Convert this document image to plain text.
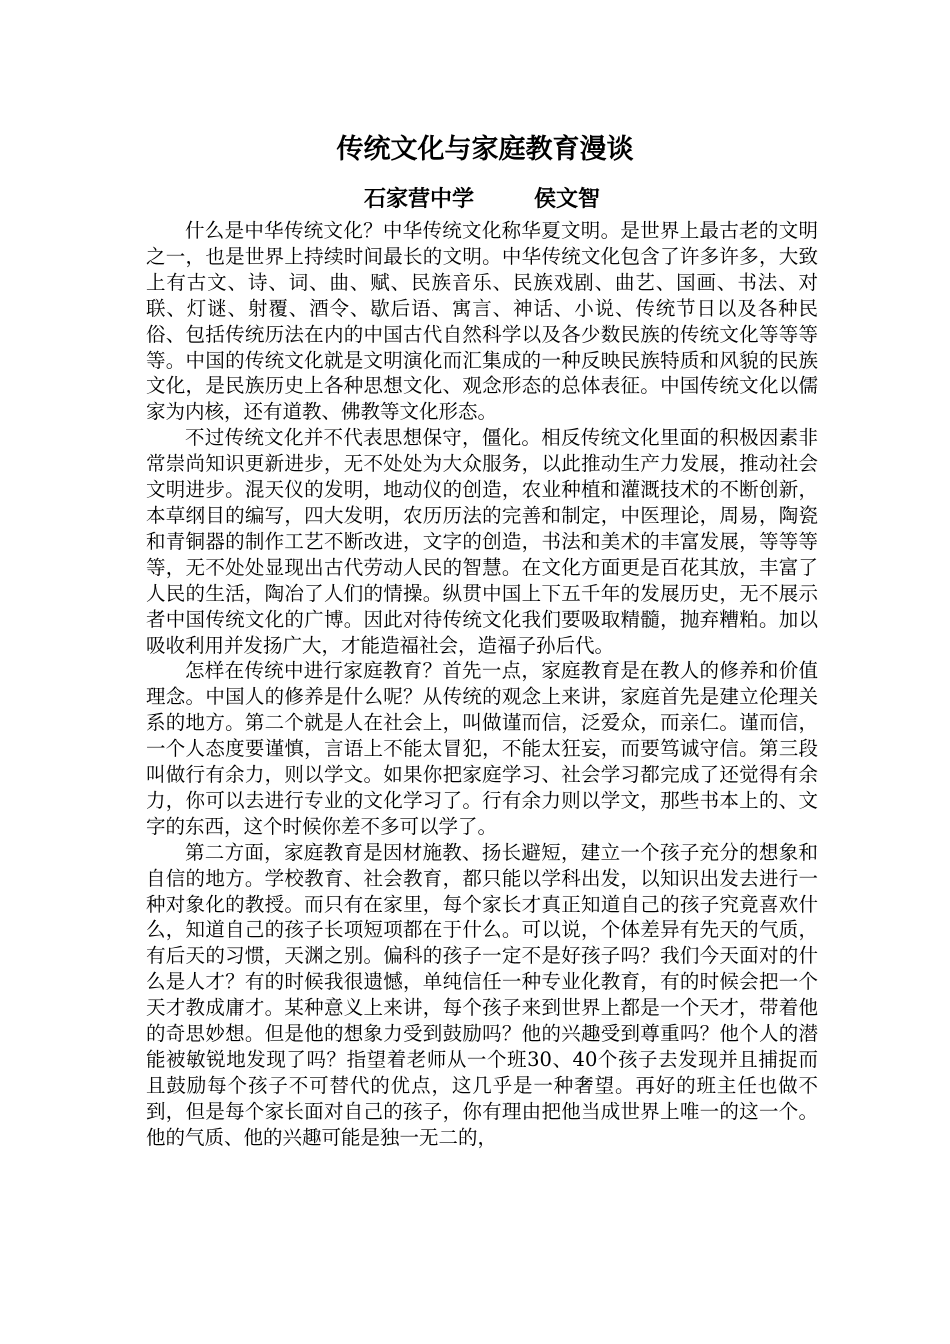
传统文化与家庭教育漫谈
石家营中学	侯文智

什么是中华传统文化？中华传统文化称华夏文明。是世界上最古老的文明之一，也是世界上持续时间最长的文明。中华传统文化包含了许多许多，大致上有古文、诗、词、曲、赋、民族音乐、民族戏剧、曲艺、国画、书法、对联、灯谜、射覆、酒令、歇后语、寓言、神话、小说、传统节日以及各种民俗、包括传统历法在内的中国古代自然科学以及各少数民族的传统文化等等等等。中国的传统文化就是文明演化而汇集成的一种反映民族特质和风貌的民族文化，是民族历史上各种思想文化、观念形态的总体表征。中国传统文化以儒家为内核，还有道教、佛教等文化形态。

不过传统文化并不代表思想保守，僵化。相反传统文化里面的积极因素非常崇尚知识更新进步，无不处处为大众服务，以此推动生产力发展，推动社会文明进步。混天仪的发明，地动仪的创造，农业种植和灌溉技术的不断创新，本草纲目的编写，四大发明，农历历法的完善和制定，中医理论，周易，陶瓷和青铜器的制作工艺不断改进，文字的创造，书法和美术的丰富发展，等等等等，无不处处显现出古代劳动人民的智慧。在文化方面更是百花其放，丰富了人民的生活，陶冶了人们的情操。纵贯中国上下五千年的发展历史，无不展示者中国传统文化的广博。因此对待传统文化我们要吸取精髓，抛弃糟粕。加以吸收利用并发扬广大，才能造福社会，造福子孙后代。

怎样在传统中进行家庭教育？首先一点，家庭教育是在教人的修养和价值理念。中国人的修养是什么呢？从传统的观念上来讲，家庭首先是建立伦理关系的地方。第二个就是人在社会上，叫做谨而信，泛爱众，而亲仁。谨而信，一个人态度要谨慎，言语上不能太冒犯，不能太狂妄，而要笃诚守信。第三段叫做行有余力，则以学文。如果你把家庭学习、社会学习都完成了还觉得有余力，你可以去进行专业的文化学习了。行有余力则以学文，那些书本上的、文字的东西，这个时候你差不多可以学了。

第二方面，家庭教育是因材施教、扬长避短，建立一个孩子充分的想象和自信的地方。学校教育、社会教育，都只能以学科出发，以知识出发去进行一种对象化的教授。而只有在家里，每个家长才真正知道自己的孩子究竟喜欢什么，知道自己的孩子长项短项都在于什么。可以说，个体差异有先天的气质，有后天的习惯，天渊之别。偏科的孩子一定不是好孩子吗？我们今天面对的什么是人才？有的时候我很遗憾，单纯信任一种专业化教育，有的时候会把一个天才教成庸才。某种意义上来讲，每个孩子来到世界上都是一个天才，带着他的奇思妙想。但是他的想象力受到鼓励吗？他的兴趣受到尊重吗？他个人的潜能被敏锐地发现了吗？指望着老师从一个班30、40个孩子去发现并且捕捉而且鼓励每个孩子不可替代的优点，这几乎是一种奢望。再好的班主任也做不到，但是每个家长面对自己的孩子，你有理由把他当成世界上唯一的这一个。他的气质、他的兴趣可能是独一无二的，
